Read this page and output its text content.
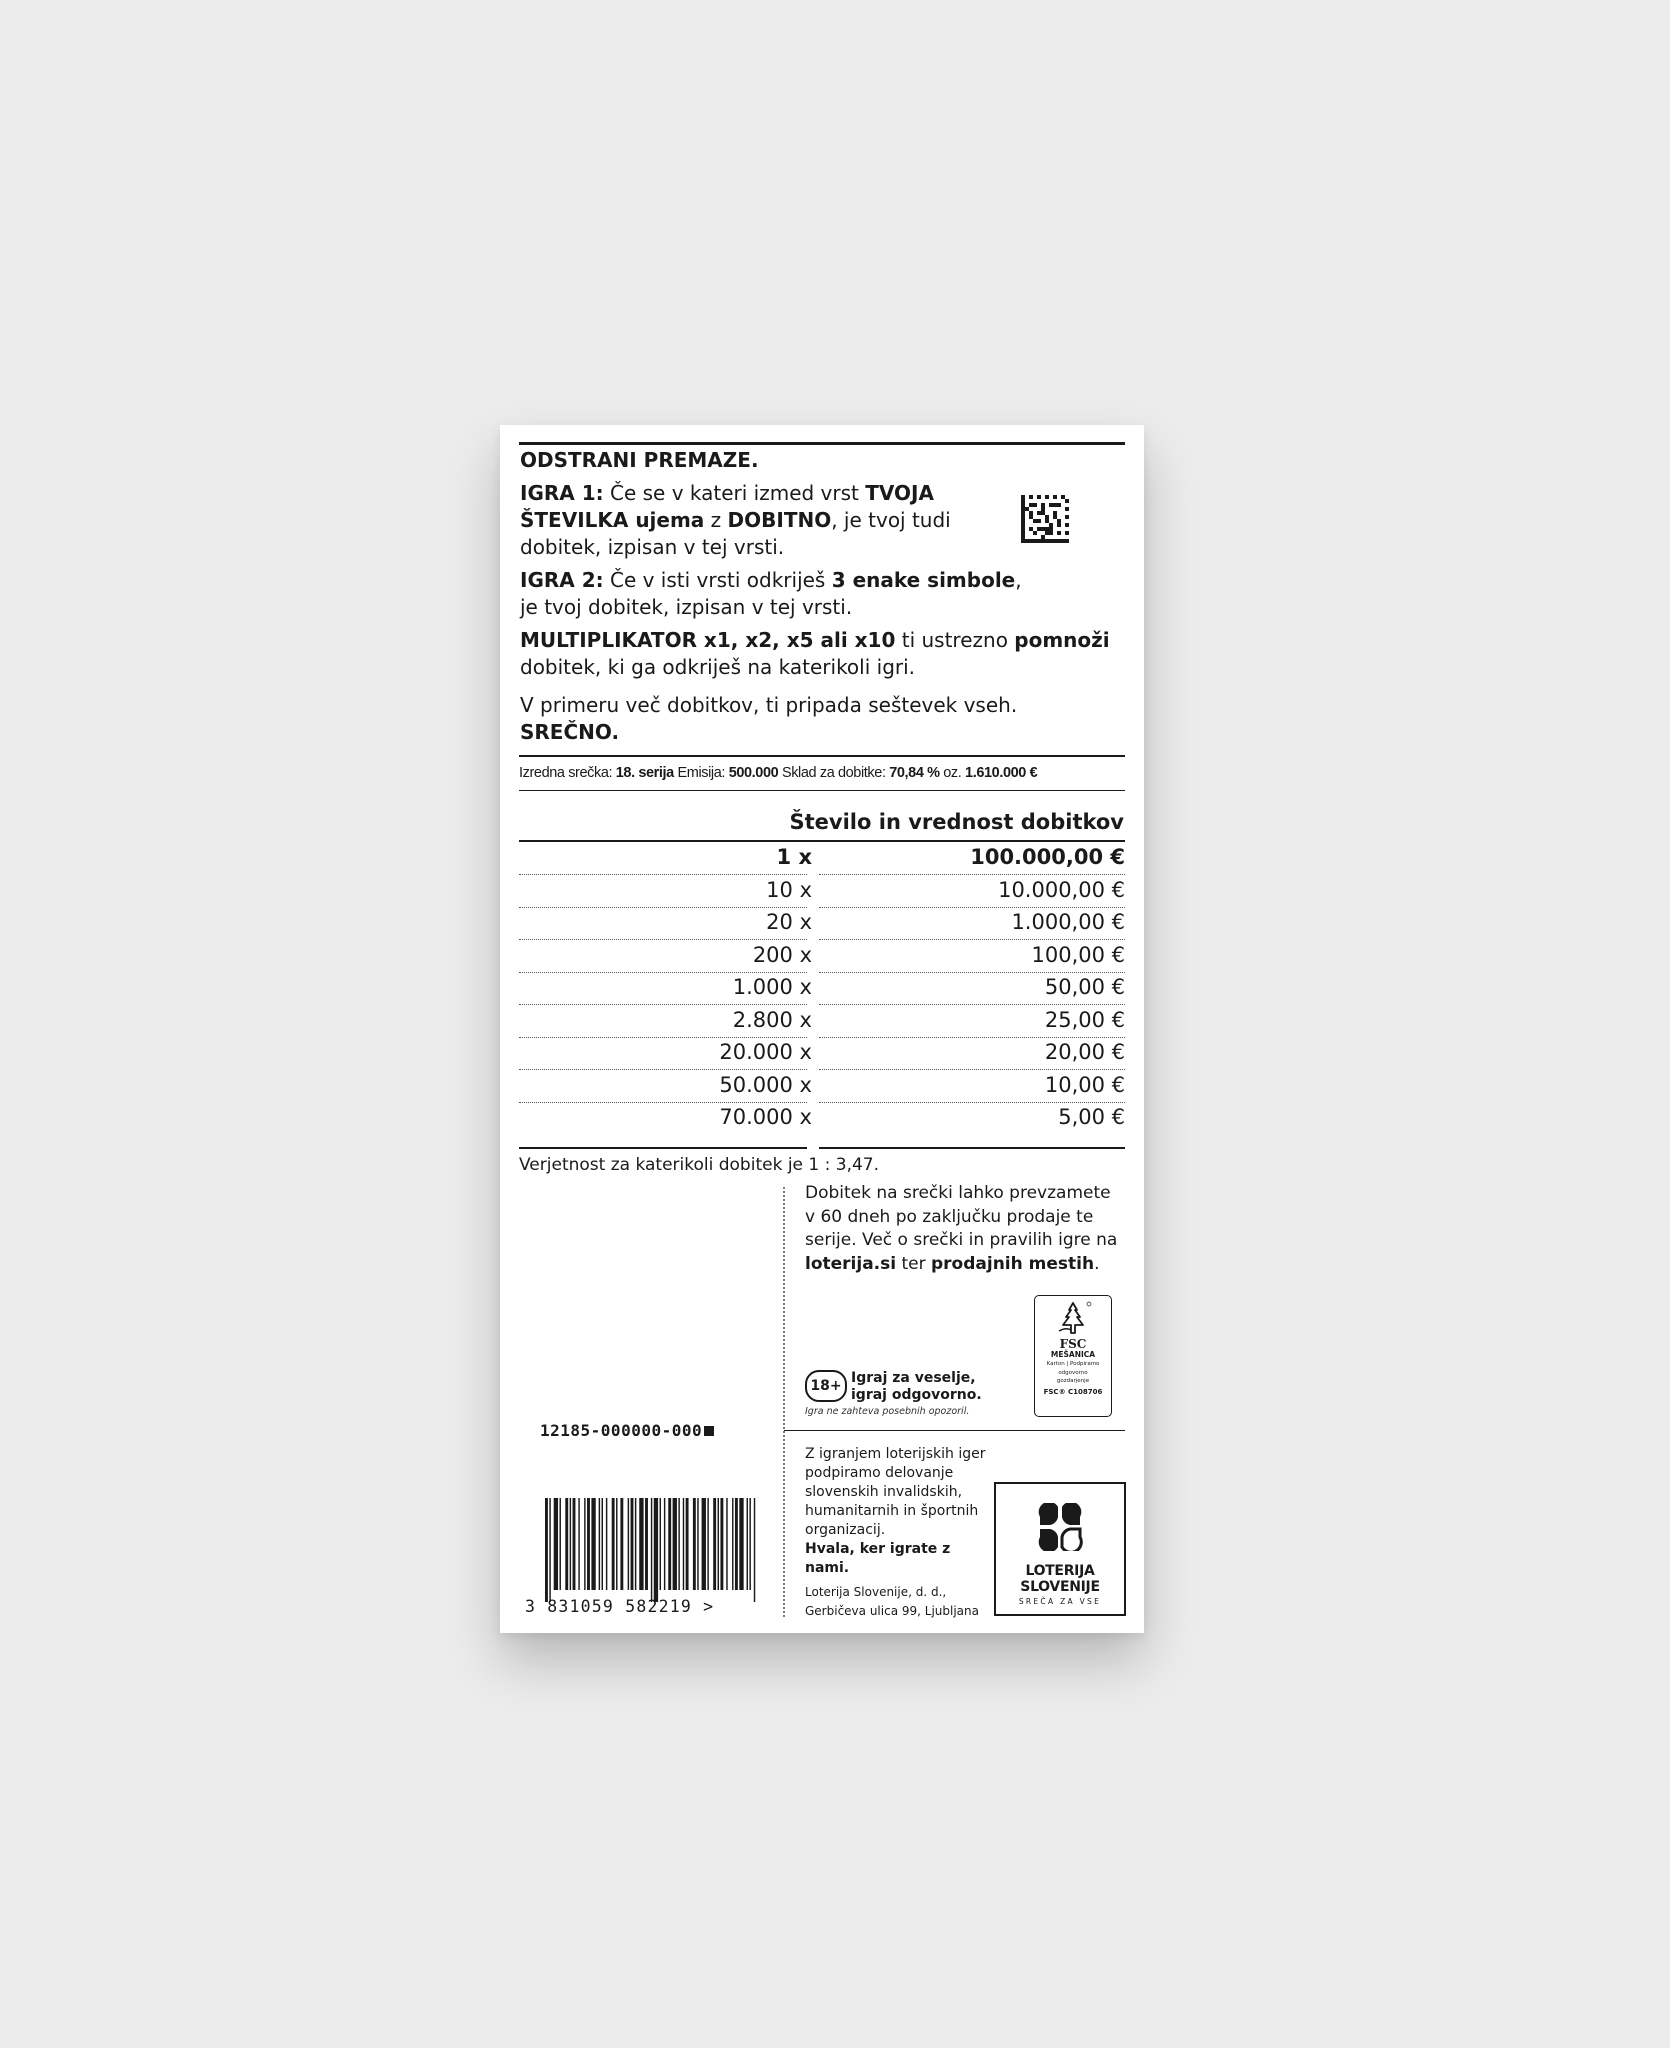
ODSTRANI PREMAZE.
IGRA 1: Če se v kateri izmed vrst TVOJA
ŠTEVILKA ujema z DOBITNO, je tvoj tudi
dobitek, izpisan v tej vrsti.
IGRA 2: Če v isti vrsti odkriješ 3 enake simbole,
je tvoj dobitek, izpisan v tej vrsti.
MULTIPLIKATOR x1, x2, x5 ali x10 ti ustrezno pomnoži
dobitek, ki ga odkriješ na katerikoli igri.
V primeru več dobitkov, ti pripada seštevek vseh.
SREČNO.
Izredna srečka: 18. serija Emisija: 500.000 Sklad za dobitke: 70,84 % oz. 1.610.000 €
Število in vrednost dobitkov
1 x	100.000,00 €
10 x	10.000,00 €
20 x	1.000,00 €
200 x	100,00 €
1.000 x	50,00 €
2.800 x	25,00 €
20.000 x	20,00 €
50.000 x	10,00 €
70.000 x	5,00 €
Verjetnost za katerikoli dobitek je 1 : 3,47.
Dobitek na srečki lahko prevzamete v 60 dneh po zaključku prodaje te serije. Več o srečki in pravilih igre na loterija.si ter prodajnih mestih.
FSC
MEŠANICA
Karton | Podpiramo
odgovorno
gozdarjenje
FSC® C108706
18+ Igraj za veselje,
igraj odgovorno.
Igra ne zahteva posebnih opozoril.
Z igranjem loterijskih iger podpiramo delovanje slovenskih invalidskih, humanitarnih in športnih organizacij.
Hvala, ker igrate z nami.
Loterija Slovenije, d. d.,
Gerbičeva ulica 99, Ljubljana
LOTERIJA
SLOVENIJE
SREČA ZA VSE
12185-000000-000
3 831059 582219 >
